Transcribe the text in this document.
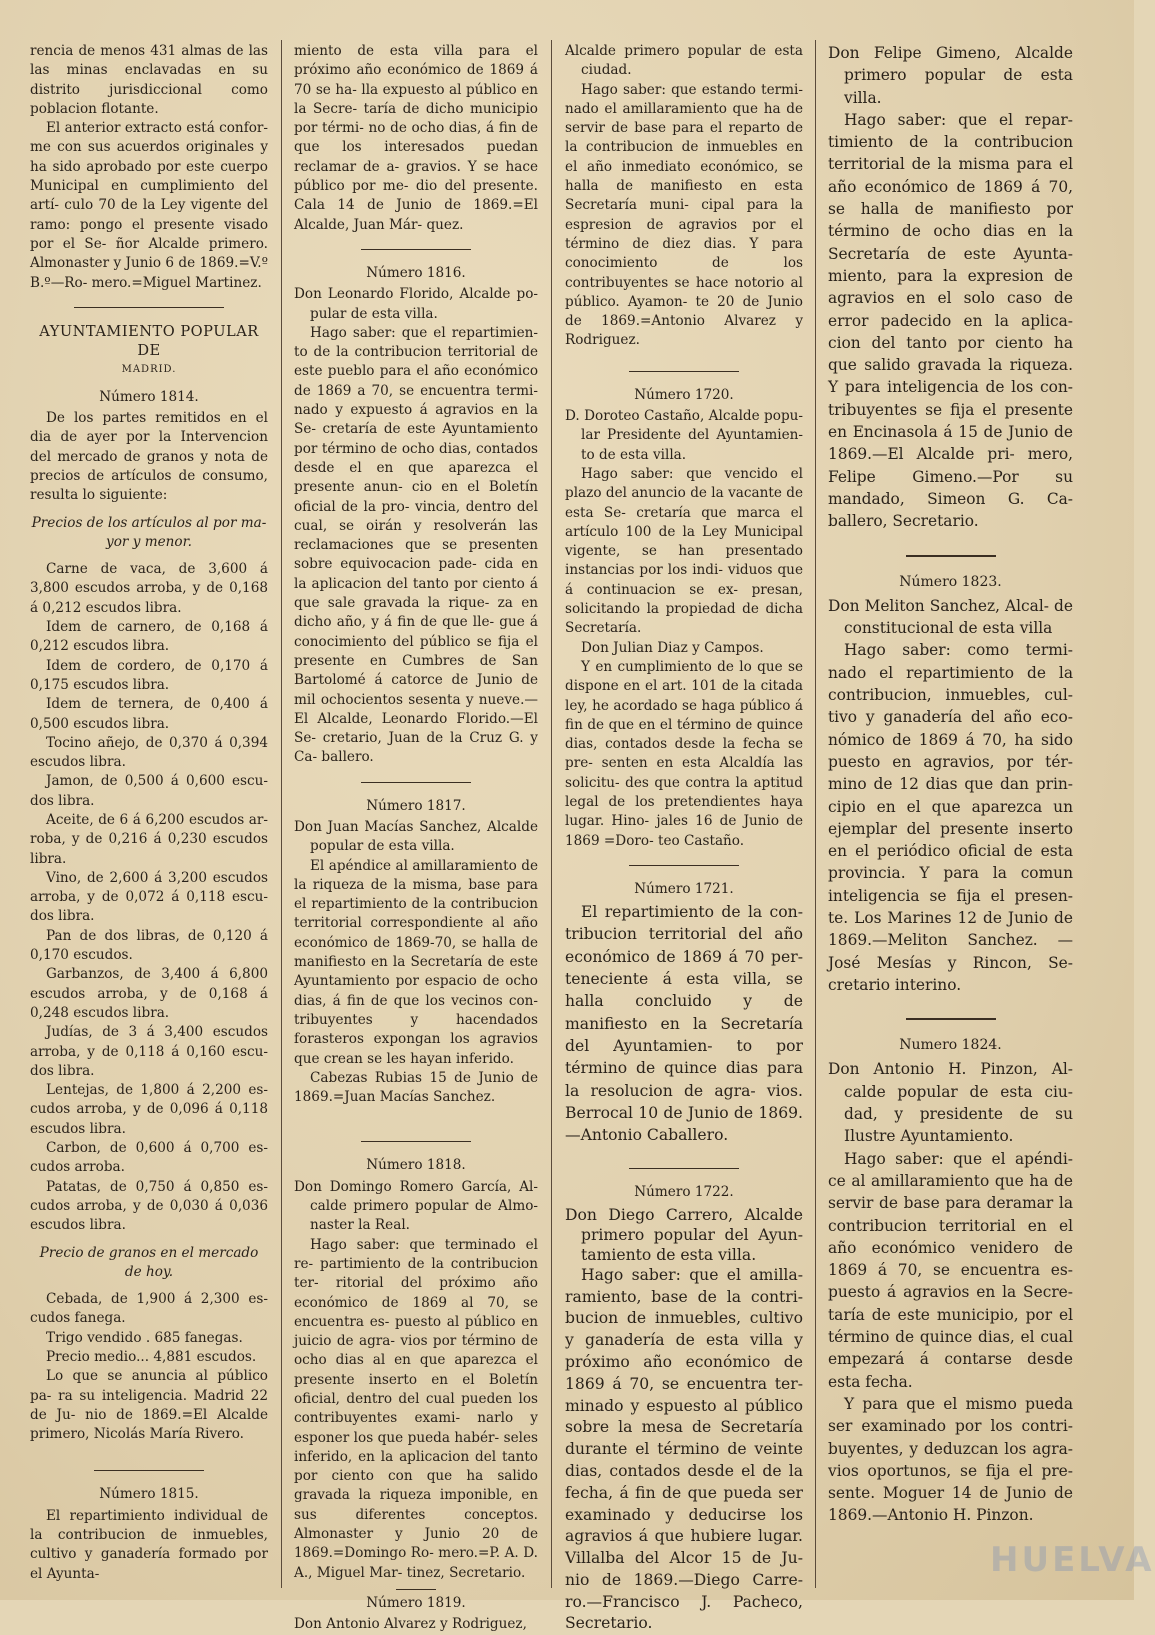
rencia de menos 431 almas de las las minas enclavadas en su distrito jurisdiccional como poblacion flotante.

El anterior extracto está confor- me con sus acuerdos originales y ha sido aprobado por este cuerpo Municipal en cumplimiento del artí- culo 70 de la Ley vigente del ramo: pongo el presente visado por el Se- ñor Alcalde primero. Almonaster y Junio 6 de 1869.=V.º B.º—Ro- mero.=Miguel Martinez.

AYUNTAMIENTO POPULAR DE
MADRID.
Número 1814.

De los partes remitidos en el dia de ayer por la Intervencion del mercado de granos y nota de precios de artículos de consumo, resulta lo siguiente:

Precios de los artículos al por ma- yor y menor.

Carne de vaca, de 3,600 á 3,800 escudos arroba, y de 0,168 á 0,212 escudos libra.

Idem de carnero, de 0,168 á 0,212 escudos libra.

Idem de cordero, de 0,170 á 0,175 escudos libra.

Idem de ternera, de 0,400 á 0,500 escudos libra.

Tocino añejo, de 0,370 á 0,394 escudos libra.

Jamon, de 0,500 á 0,600 escu- dos libra.

Aceite, de 6 á 6,200 escudos ar- roba, y de 0,216 á 0,230 escudos libra.

Vino, de 2,600 á 3,200 escudos arroba, y de 0,072 á 0,118 escu- dos libra.

Pan de dos libras, de 0,120 á 0,170 escudos.

Garbanzos, de 3,400 á 6,800 escudos arroba, y de 0,168 á 0,248 escudos libra.

Judías, de 3 á 3,400 escudos arroba, y de 0,118 á 0,160 escu- dos libra.

Lentejas, de 1,800 á 2,200 es- cudos arroba, y de 0,096 á 0,118 escudos libra.

Carbon, de 0,600 á 0,700 es- cudos arroba.

Patatas, de 0,750 á 0,850 es- cudos arroba, y de 0,030 á 0,036 escudos libra.

Precio de granos en el mercado de hoy.

Cebada, de 1,900 á 2,300 es- cudos fanega.

Trigo vendido . 685 fanegas.

Precio medio... 4,881 escudos.

Lo que se anuncia al público pa- ra su inteligencia. Madrid 22 de Ju- nio de 1869.=El Alcalde primero, Nicolás María Rivero.

Número 1815.

El repartimiento individual de la contribucion de inmuebles, cultivo y ganadería formado por el Ayunta-

miento de esta villa para el próximo año económico de 1869 á 70 se ha- lla expuesto al público en la Secre- taría de dicho municipio por térmi- no de ocho dias, á fin de que los interesados puedan reclamar de a- gravios. Y se hace público por me- dio del presente. Cala 14 de Junio de 1869.=El Alcalde, Juan Már- quez.

Número 1816.

Don Leonardo Florido, Alcalde po- pular de esta villa.

Hago saber: que el repartimien- to de la contribucion territorial de este pueblo para el año económico de 1869 a 70, se encuentra termi- nado y expuesto á agravios en la Se- cretaría de este Ayuntamiento por término de ocho dias, contados desde el en que aparezca el presente anun- cio en el Boletín oficial de la pro- vincia, dentro del cual, se oirán y resolverán las reclamaciones que se presenten sobre equivocacion pade- cida en la aplicacion del tanto por ciento á que sale gravada la rique- za en dicho año, y á fin de que lle- gue á conocimiento del público se fija el presente en Cumbres de San Bartolomé á catorce de Junio de mil ochocientos sesenta y nueve.—El Alcalde, Leonardo Florido.—El Se- cretario, Juan de la Cruz G. y Ca- ballero.

Número 1817.

Don Juan Macías Sanchez, Alcalde popular de esta villa.

El apéndice al amillaramiento de la riqueza de la misma, base para el repartimiento de la contribucion territorial correspondiente al año económico de 1869-70, se halla de manifiesto en la Secretaría de este Ayuntamiento por espacio de ocho dias, á fin de que los vecinos con- tribuyentes y hacendados forasteros expongan los agravios que crean se les hayan inferido.

Cabezas Rubias 15 de Junio de 1869.=Juan Macías Sanchez.

Número 1818.

Don Domingo Romero García, Al- calde primero popular de Almo- naster la Real.

Hago saber: que terminado el re- partimiento de la contribucion ter- ritorial del próximo año económico de 1869 al 70, se encuentra es- puesto al público en juicio de agra- vios por término de ocho dias al en que aparezca el presente inserto en el Boletín oficial, dentro del cual pueden los contribuyentes exami- narlo y esponer los que pueda habér- seles inferido, en la aplicacion del tanto por ciento con que ha salido gravada la riqueza imponible, en sus diferentes conceptos. Almonaster y Junio 20 de 1869.=Domingo Ro- mero.=P. A. D. A., Miguel Mar- tinez, Secretario.

Número 1819.

Don Antonio Alvarez y Rodriguez,

Alcalde primero popular de esta ciudad.

Hago saber: que estando termi- nado el amillaramiento que ha de servir de base para el reparto de la contribucion de inmuebles en el año inmediato económico, se halla de manifiesto en esta Secretaría muni- cipal para la espresion de agravios por el término de diez dias. Y para conocimiento de los contribuyentes se hace notorio al público. Ayamon- te 20 de Junio de 1869.=Antonio Alvarez y Rodriguez.

Número 1720.

D. Doroteo Castaño, Alcalde popu- lar Presidente del Ayuntamien- to de esta villa.

Hago saber: que vencido el plazo del anuncio de la vacante de esta Se- cretaría que marca el artículo 100 de la Ley Municipal vigente, se han presentado instancias por los indi- viduos que á continuacion se ex- presan, solicitando la propiedad de dicha Secretaría.

Don Julian Diaz y Campos.

Y en cumplimiento de lo que se dispone en el art. 101 de la citada ley, he acordado se haga público á fin de que en el término de quince dias, contados desde la fecha se pre- senten en esta Alcaldía las solicitu- des que contra la aptitud legal de los pretendientes haya lugar. Hino- jales 16 de Junio de 1869 =Doro- teo Castaño.

Número 1721.

El repartimiento de la con- tribucion territorial del año económico de 1869 á 70 per- teneciente á esta villa, se halla concluido y de manifiesto en la Secretaría del Ayuntamien- to por término de quince dias para la resolucion de agra- vios. Berrocal 10 de Junio de 1869.—Antonio Caballero.

Número 1722.

Don Diego Carrero, Alcalde primero popular del Ayun- tamiento de esta villa.

Hago saber: que el amilla- ramiento, base de la contri- bucion de inmuebles, cultivo y ganadería de esta villa y próximo año económico de 1869 á 70, se encuentra ter- minado y espuesto al público sobre la mesa de Secretaría durante el término de veinte dias, contados desde el de la fecha, á fin de que pueda ser examinado y deducirse los agravios á que hubiere lugar. Villalba del Alcor 15 de Ju- nio de 1869.—Diego Carre- ro.—Francisco J. Pacheco, Secretario.

Don Felipe Gimeno, Alcalde primero popular de esta villa.

Hago saber: que el repar- timiento de la contribucion territorial de la misma para el año económico de 1869 á 70, se halla de manifiesto por término de ocho dias en la Secretaría de este Ayunta- miento, para la expresion de agravios en el solo caso de error padecido en la aplica- cion del tanto por ciento ha que salido gravada la riqueza. Y para inteligencia de los con- tribuyentes se fija el presente en Encinasola á 15 de Junio de 1869.—El Alcalde pri- mero, Felipe Gimeno.—Por su mandado, Simeon G. Ca- ballero, Secretario.

Número 1823.

Don Meliton Sanchez, Alcal- de constitucional de esta villa

Hago saber: como termi- nado el repartimiento de la contribucion, inmuebles, cul- tivo y ganadería del año eco- nómico de 1869 á 70, ha sido puesto en agravios, por tér- mino de 12 dias que dan prin- cipio en el que aparezca un ejemplar del presente inserto en el periódico oficial de esta provincia. Y para la comun inteligencia se fija el presen- te. Los Marines 12 de Junio de 1869.—Meliton Sanchez. —José Mesías y Rincon, Se- cretario interino.

Numero 1824.

Don Antonio H. Pinzon, Al- calde popular de esta ciu- dad, y presidente de su Ilustre Ayuntamiento.

Hago saber: que el apéndi- ce al amillaramiento que ha de servir de base para deramar la contribucion territorial en el año económico venidero de 1869 á 70, se encuentra es- puesto á agravios en la Secre- taría de este municipio, por el término de quince dias, el cual empezará á contarse desde esta fecha.

Y para que el mismo pueda ser examinado por los contri- buyentes, y deduzcan los agra- vios oportunos, se fija el pre- sente. Moguer 14 de Junio de 1869.—Antonio H. Pinzon.

HUELVA
